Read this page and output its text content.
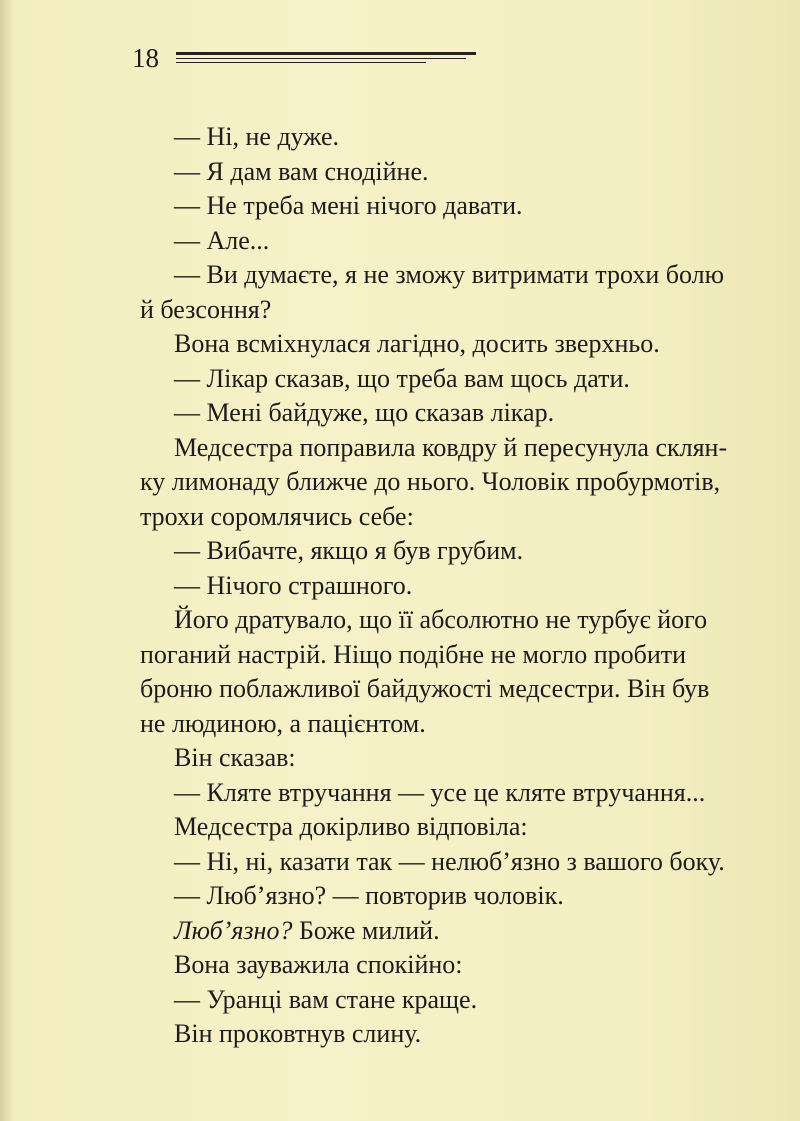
18

— Ні, не дуже.

— Я дам вам снодійне.

— Не треба мені нічого давати.

— Але...

— Ви думаєте, я не зможу витримати трохи болю

й безсоння?

Вона всміхнулася лагідно, досить зверхньо.

— Лікар сказав, що треба вам щось дати.

— Мені байдуже, що сказав лікар.

Медсестра поправила ковдру й пересунула склян-

ку лимонаду ближче до нього. Чоловік пробурмотів,

трохи соромлячись себе:

— Вибачте, якщо я був грубим.

— Нічого страшного.

Його дратувало, що її абсолютно не турбує його

поганий настрій. Ніщо подібне не могло пробити

броню поблажливої байдужості медсестри. Він був

не людиною, а пацієнтом.

Він сказав:

— Кляте втручання — усе це кляте втручання...

Медсестра докірливо відповіла:

— Ні, ні, казати так — нелюб’язно з вашого боку.

— Люб’язно? — повторив чоловік.

Люб’язно? Боже милий.

Вона зауважила спокійно:

— Уранці вам стане краще.

Він проковтнув слину.
